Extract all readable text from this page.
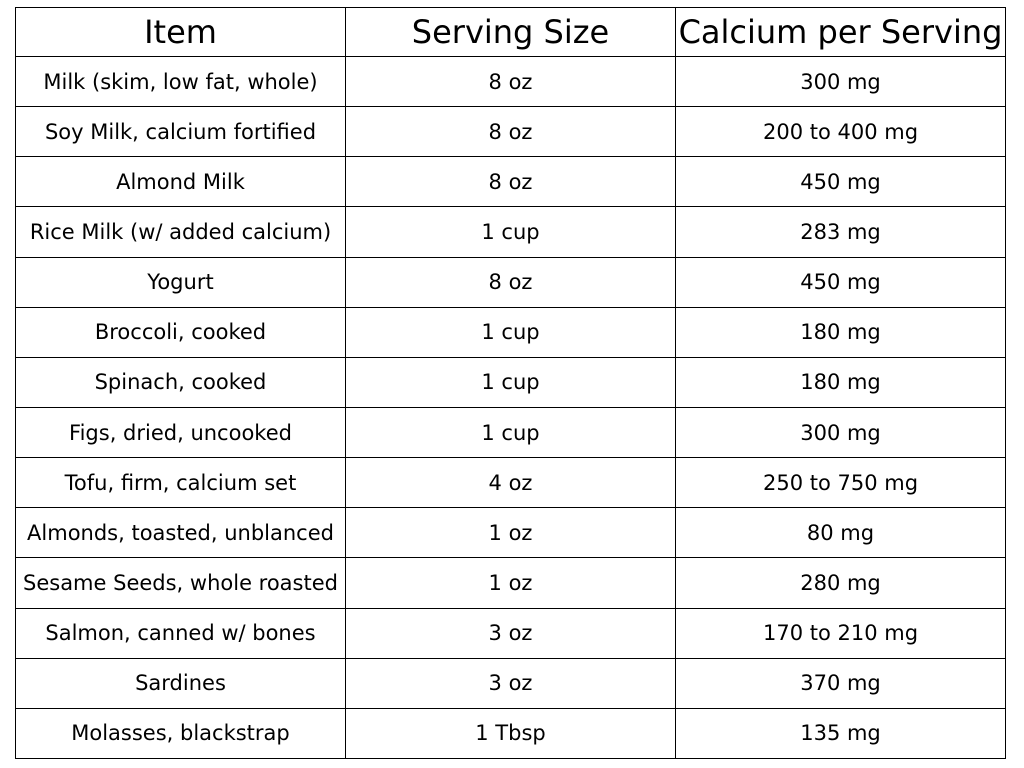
Item	Serving Size	Calcium per Serving
Milk (skim, low fat, whole)	8 oz	300 mg
Soy Milk, calcium fortified	8 oz	200 to 400 mg
Almond Milk	8 oz	450 mg
Rice Milk (w/ added calcium)	1 cup	283 mg
Yogurt	8 oz	450 mg
Broccoli, cooked	1 cup	180 mg
Spinach, cooked	1 cup	180 mg
Figs, dried, uncooked	1 cup	300 mg
Tofu, firm, calcium set	4 oz	250 to 750 mg
Almonds, toasted, unblanced	1 oz	80 mg
Sesame Seeds, whole roasted	1 oz	280 mg
Salmon, canned w/ bones	3 oz	170 to 210 mg
Sardines	3 oz	370 mg
Molasses, blackstrap	1 Tbsp	135 mg
